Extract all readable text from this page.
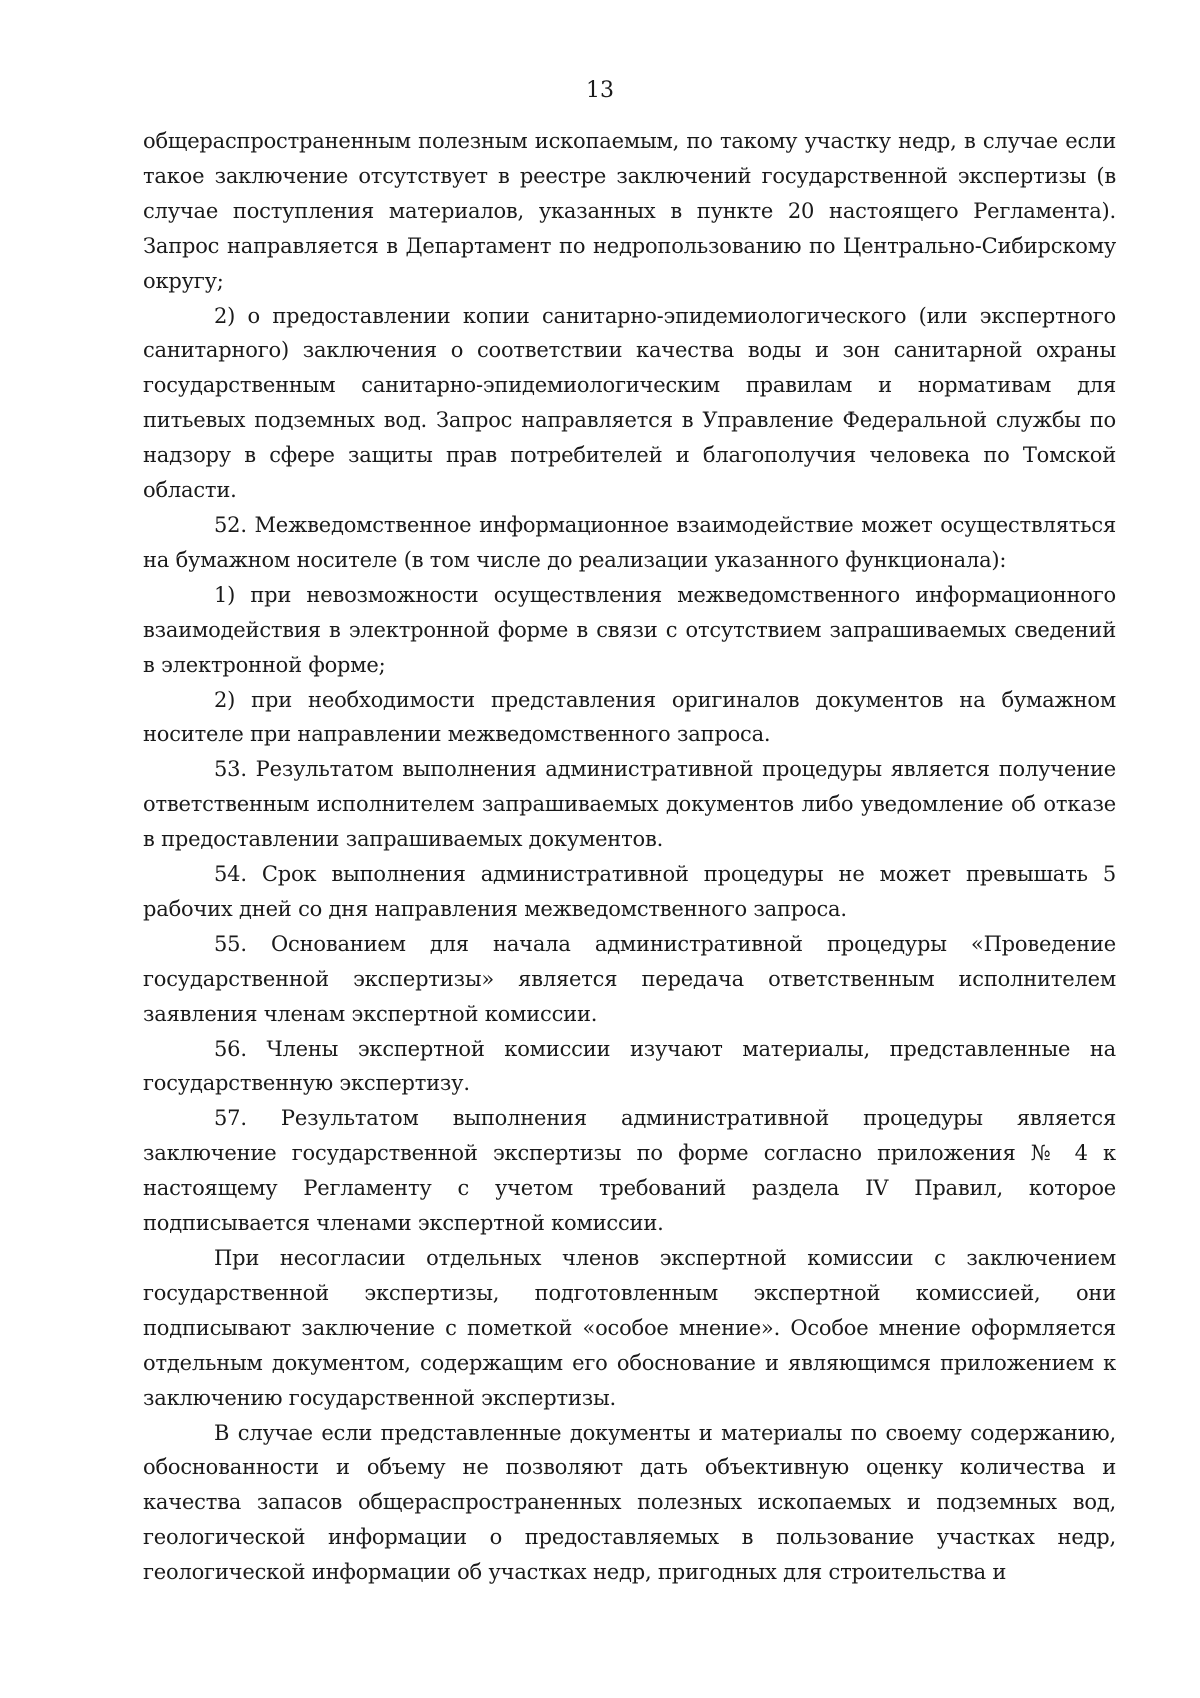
13

общераспространенным полезным ископаемым, по такому участку недр, в случае если такое заключение отсутствует в реестре заключений государственной экспертизы (в случае поступления материалов, указанных в пункте 20 настоящего Регламента). Запрос направляется в Департамент по недропользованию по Центрально-Сибирскому округу;

2) о предоставлении копии санитарно-эпидемиологического (или экспертного санитарного) заключения о соответствии качества воды и зон санитарной охраны государственным санитарно-эпидемиологическим правилам и нормативам для питьевых подземных вод. Запрос направляется в Управление Федеральной службы по надзору в сфере защиты прав потребителей и благополучия человека по Томской области.

52. Межведомственное информационное взаимодействие может осуществляться на бумажном носителе (в том числе до реализации указанного функционала):

1) при невозможности осуществления межведомственного информационного взаимодействия в электронной форме в связи с отсутствием запрашиваемых сведений в электронной форме;

2) при необходимости представления оригиналов документов на бумажном носителе при направлении межведомственного запроса.

53. Результатом выполнения административной процедуры является получение ответственным исполнителем запрашиваемых документов либо уведомление об отказе в предоставлении запрашиваемых документов.

54. Срок выполнения административной процедуры не может превышать 5 рабочих дней со дня направления межведомственного запроса.

55. Основанием для начала административной процедуры «Проведение государственной экспертизы» является передача ответственным исполнителем заявления членам экспертной комиссии.

56. Члены экспертной комиссии изучают материалы, представленные на государственную экспертизу.

57. Результатом выполнения административной процедуры является заключение государственной экспертизы по форме согласно приложения № 4 к настоящему Регламенту с учетом требований раздела IV Правил, которое подписывается членами экспертной комиссии.

При несогласии отдельных членов экспертной комиссии с заключением государственной экспертизы, подготовленным экспертной комиссией, они подписывают заключение с пометкой «особое мнение». Особое мнение оформляется отдельным документом, содержащим его обоснование и являющимся приложением к заключению государственной экспертизы.

В случае если представленные документы и материалы по своему содержанию, обоснованности и объему не позволяют дать объективную оценку количества и качества запасов общераспространенных полезных ископаемых и подземных вод, геологической информации о предоставляемых в пользование участках недр, геологической информации об участках недр, пригодных для строительства и
